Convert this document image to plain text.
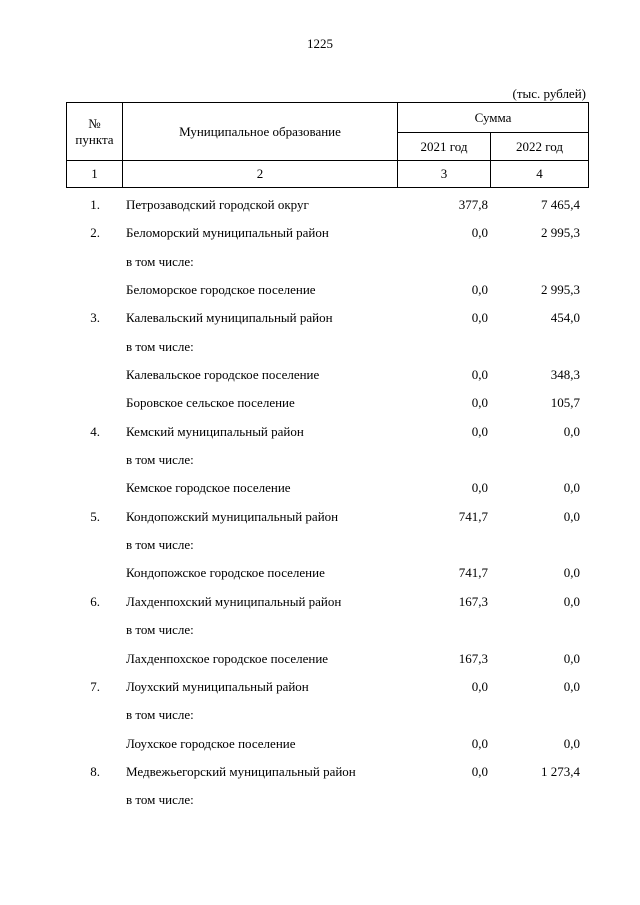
1225
(тыс. рублей)
№
пункта	Муниципальное образование	Сумма	
		2021 год	2022 год
1	2	3	4
1. Петрозаводский городской округ	377,8	7 465,4
2. Беломорский муниципальный район	0,0	2 995,3
в том числе:
Беломорское городское поселение	0,0	2 995,3
3. Калевальский муниципальный район	0,0	454,0
в том числе:
Калевальское городское поселение	0,0	348,3
Боровское сельское поселение	0,0	105,7
4. Кемский муниципальный район	0,0	0,0
в том числе:
Кемское городское поселение	0,0	0,0
5. Кондопожский муниципальный район	741,7	0,0
в том числе:
Кондопожское городское поселение	741,7	0,0
6. Лахденпохский муниципальный район	167,3	0,0
в том числе:
Лахденпохское городское поселение	167,3	0,0
7. Лоухский муниципальный район	0,0	0,0
в том числе:
Лоухское городское поселение	0,0	0,0
8. Медвежьегорский муниципальный район	0,0	1 273,4
в том числе:
